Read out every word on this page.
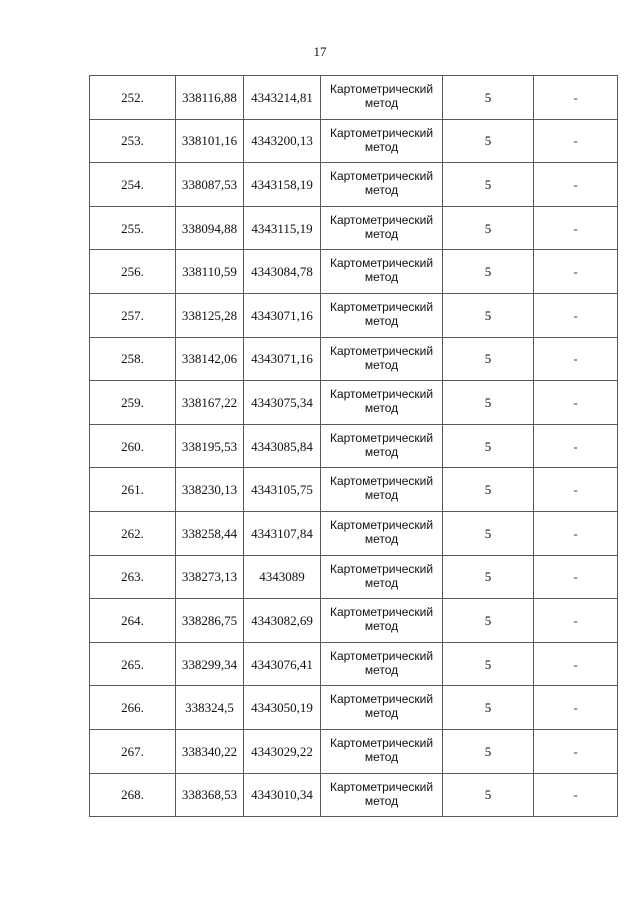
17
252.	338116,88	4343214,81	Картометрический
метод	5	-
253.	338101,16	4343200,13	Картометрический
метод	5	-
254.	338087,53	4343158,19	Картометрический
метод	5	-
255.	338094,88	4343115,19	Картометрический
метод	5	-
256.	338110,59	4343084,78	Картометрический
метод	5	-
257.	338125,28	4343071,16	Картометрический
метод	5	-
258.	338142,06	4343071,16	Картометрический
метод	5	-
259.	338167,22	4343075,34	Картометрический
метод	5	-
260.	338195,53	4343085,84	Картометрический
метод	5	-
261.	338230,13	4343105,75	Картометрический
метод	5	-
262.	338258,44	4343107,84	Картометрический
метод	5	-
263.	338273,13	4343089	Картометрический
метод	5	-
264.	338286,75	4343082,69	Картометрический
метод	5	-
265.	338299,34	4343076,41	Картометрический
метод	5	-
266.	338324,5	4343050,19	Картометрический
метод	5	-
267.	338340,22	4343029,22	Картометрический
метод	5	-
268.	338368,53	4343010,34	Картометрический
метод	5	-
